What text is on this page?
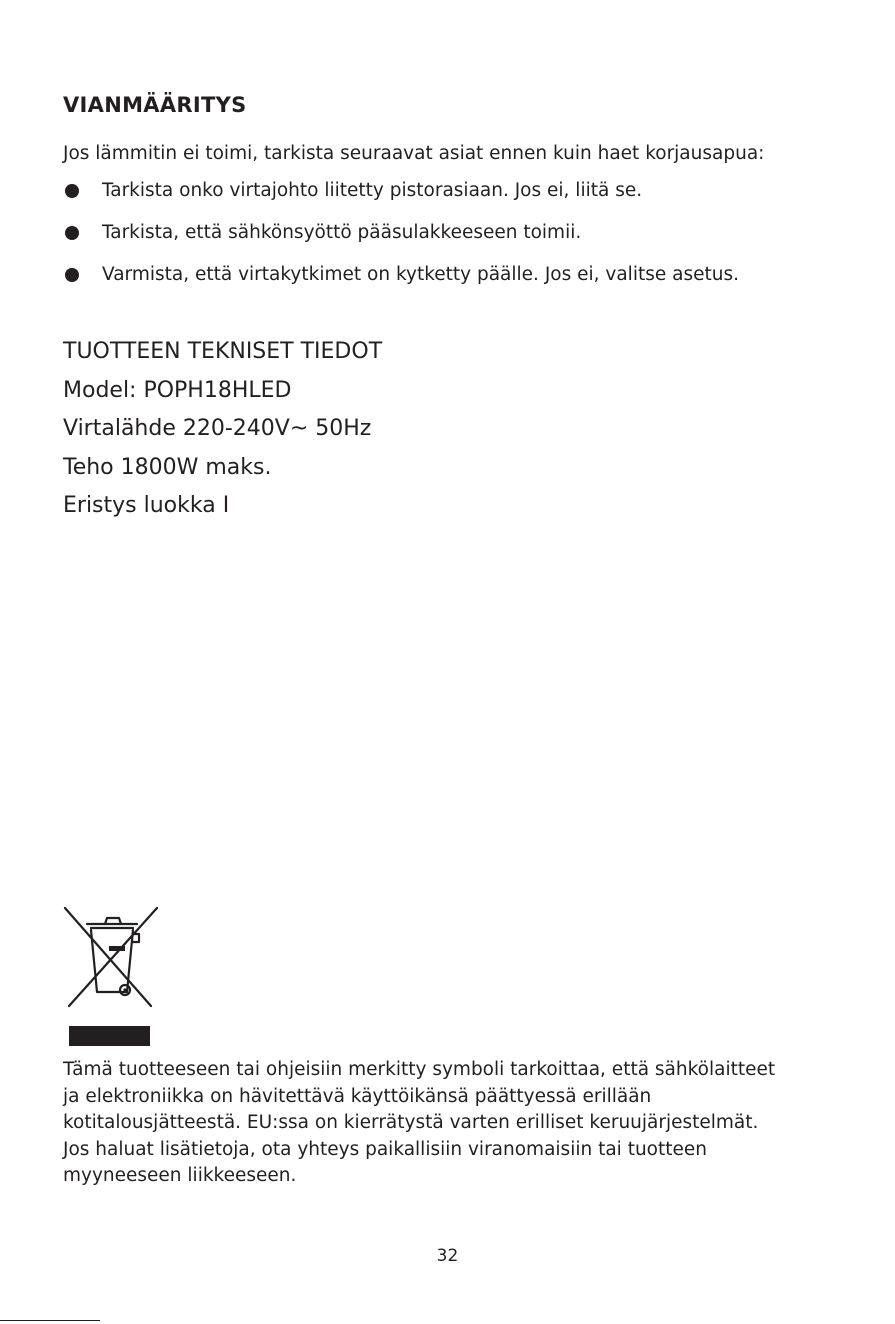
VIANMÄÄRITYS
Jos lämmitin ei toimi, tarkista seuraavat asiat ennen kuin haet korjausapua:
Tarkista onko virtajohto liitetty pistorasiaan. Jos ei, liitä se.
Tarkista, että sähkönsyöttö pääsulakkeeseen toimii.
Varmista, että virtakytkimet on kytketty päälle. Jos ei, valitse asetus.
TUOTTEEN TEKNISET TIEDOT
Model: POPH18HLED
Virtalähde 220-240V~ 50Hz
Teho 1800W maks.
Eristys luokka I
Tämä tuotteeseen tai ohjeisiin merkitty symboli tarkoittaa, että sähkölaitteet
ja elektroniikka on hävitettävä käyttöikänsä päättyessä erillään
kotitalousjätteestä. EU:ssa on kierrätystä varten erilliset keruujärjestelmät.
Jos haluat lisätietoja, ota yhteys paikallisiin viranomaisiin tai tuotteen
myyneeseen liikkeeseen.
32
